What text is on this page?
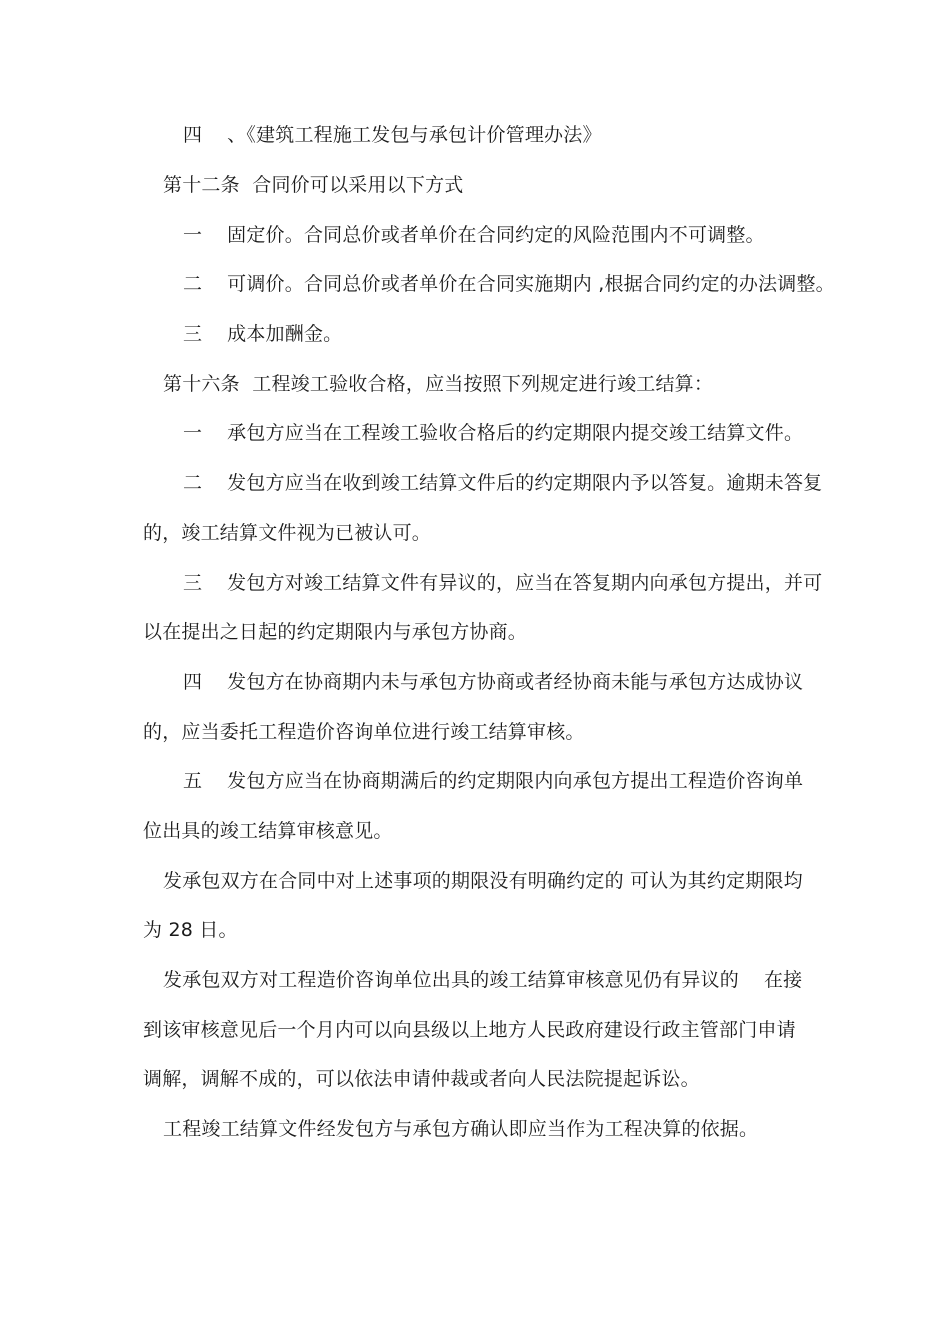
四    、《建筑工程施工发包与承包计价管理办法》
第十二条  合同价可以采用以下方式
一    固定价。合同总价或者单价在合同约定的风险范围内不可调整。
二    可调价。合同总价或者单价在合同实施期内 ,根据合同约定的办法调整。
三    成本加酬金。
第十六条  工程竣工验收合格，应当按照下列规定进行竣工结算：
一    承包方应当在工程竣工验收合格后的约定期限内提交竣工结算文件。
二    发包方应当在收到竣工结算文件后的约定期限内予以答复。逾期未答复
的，竣工结算文件视为已被认可。
三    发包方对竣工结算文件有异议的，应当在答复期内向承包方提出，并可
以在提出之日起的约定期限内与承包方协商。
四    发包方在协商期内未与承包方协商或者经协商未能与承包方达成协议
的，应当委托工程造价咨询单位进行竣工结算审核。
五    发包方应当在协商期满后的约定期限内向承包方提出工程造价咨询单
位出具的竣工结算审核意见。
发承包双方在合同中对上述事项的期限没有明确约定的 可认为其约定期限均
为 28 日。
发承包双方对工程造价咨询单位出具的竣工结算审核意见仍有异议的    在接
到该审核意见后一个月内可以向县级以上地方人民政府建设行政主管部门申请
调解，调解不成的，可以依法申请仲裁或者向人民法院提起诉讼。
工程竣工结算文件经发包方与承包方确认即应当作为工程决算的依据。
